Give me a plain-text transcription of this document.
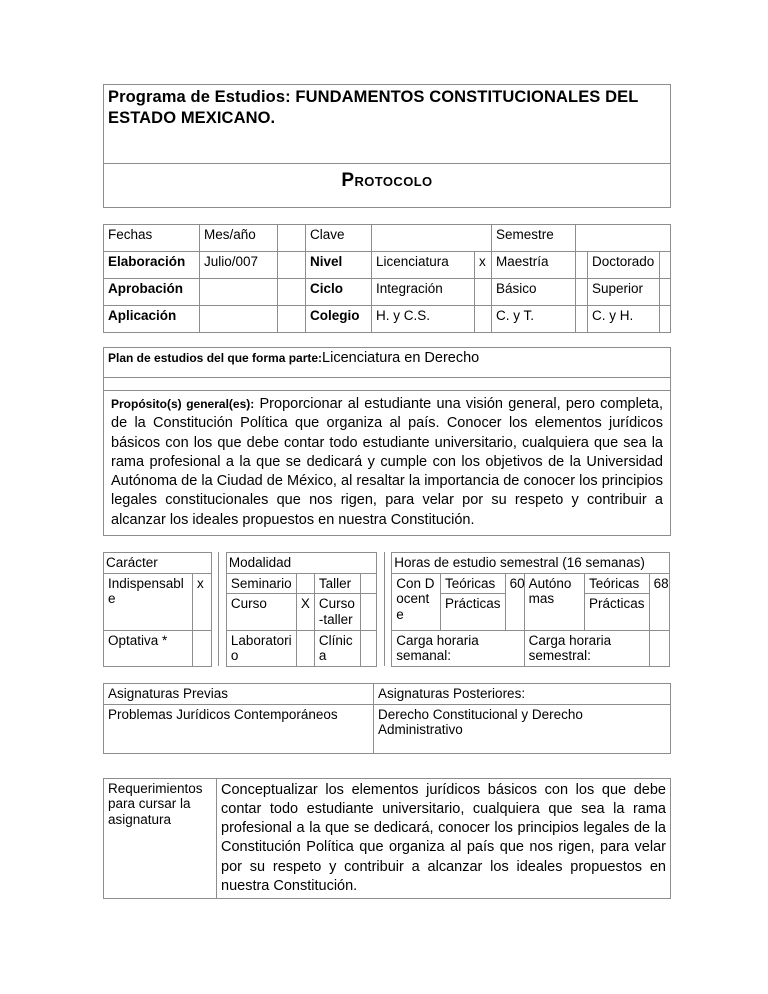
Programa de Estudios: FUNDAMENTOS CONSTITUCIONALES DEL ESTADO MEXICANO.

Protocolo
Fechas	Mes/año		Clave			Semestre			
Elaboración	Julio/007		Nivel	Licenciatura	x	Maestría		Doctorado	
Aprobación			Ciclo	Integración		Básico		Superior	
Aplicación			Colegio	H. y C.S.		C. y T.		C. y H.	
Plan de estudios del que forma parte:Licenciatura en Derecho

Propósito(s) general(es): Proporcionar al estudiante una visión general, pero completa, de la Constitución Política que organiza al país. Conocer los elementos jurídicos básicos con los que debe contar todo estudiante universitario, cualquiera que sea la rama profesional a la que se dedicará y cumple con los objetivos de la Universidad Autónoma de la Ciudad de México, al resaltar la importancia de conocer los principios legales constitucionales que nos rigen, para velar por su respeto y contribuir a alcanzar los ideales propuestos en nuestra Constitución.
Carácter				Modalidad						Horas de estudio semestral (16 semanas)					
Indispensable	x			Seminario		Taller				Con Docente	Teóricas	60	Autónomas	Teóricas	68
				Curso	X	Curso -taller					Prácticas			Prácticas	
Optativa *				Laboratorio		Clínica				Carga horaria semanal:			Carga horaria semestral:		
Asignaturas Previas	Asignaturas Posteriores:
Problemas Jurídicos Contemporáneos	Derecho Constitucional y Derecho Administrativo
Requerimientos para cursar la asignatura	
Conceptualizar los elementos jurídicos básicos con los que debe contar todo estudiante universitario, cualquiera que sea la rama profesional a la que se dedicará, conocer los principios legales de la Constitución Política que organiza al país que nos rigen, para velar por su respeto y contribuir a alcanzar los ideales propuestos en nuestra Constitución.
